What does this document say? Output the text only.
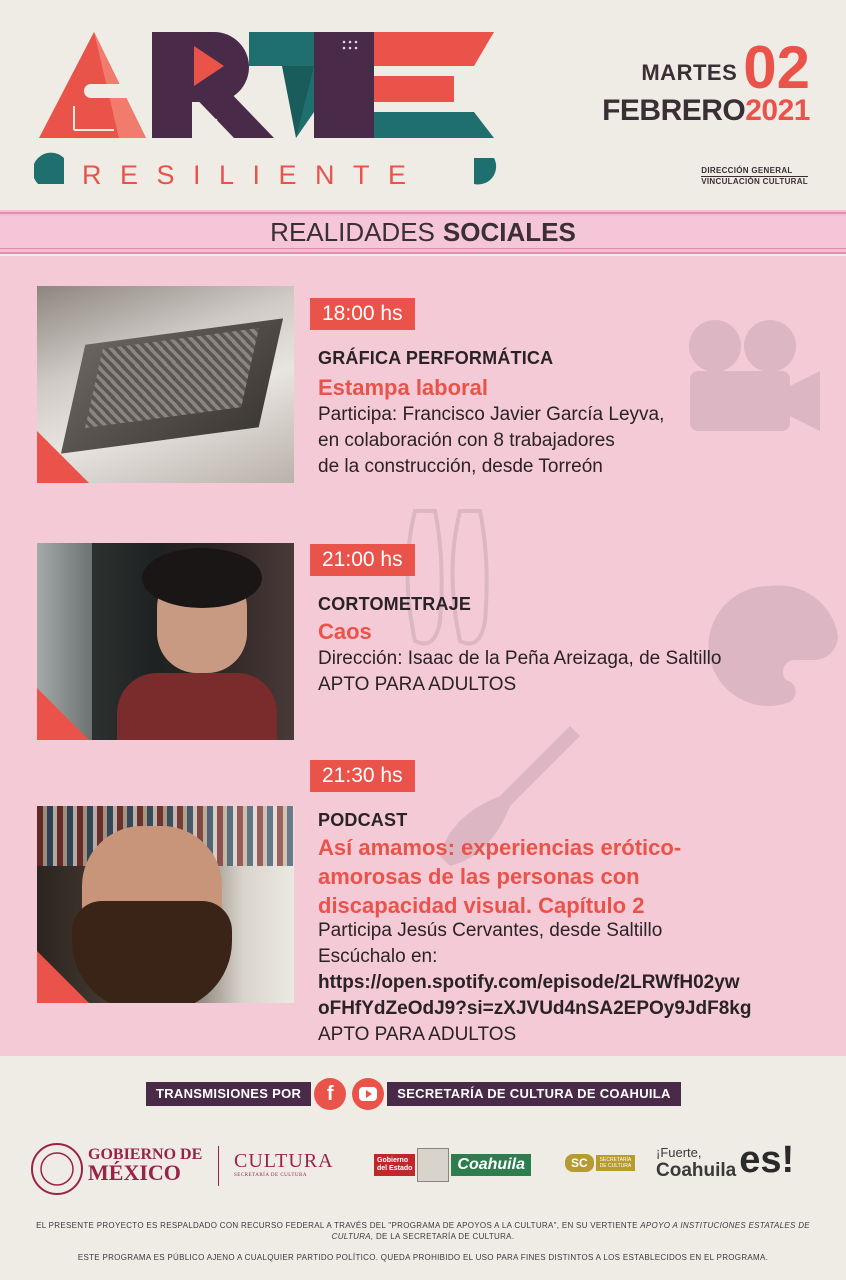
RESILIENTE
MARTES 02
FEBRERO2021
DIRECCIÓN GENERAL
VINCULACIÓN CULTURAL
REALIDADES SOCIALES
18:00 hs
GRÁFICA PERFORMÁTICA
Estampa laboral
Participa: Francisco Javier García Leyva,
en colaboración con 8 trabajadores
de la construcción, desde Torreón
21:00 hs
CORTOMETRAJE
Caos
Dirección: Isaac de la Peña Areizaga, de Saltillo
APTO PARA ADULTOS
21:30 hs
PODCAST
Así amamos: experiencias erótico-
amorosas de las personas con
discapacidad visual. Capítulo 2
Participa Jesús Cervantes, desde Saltillo
Escúchalo en:
https://open.spotify.com/episode/2LRWfH02yw
oFHfYdZeOdJ9?si=zXJVUd4nSA2EPOy9JdF8kg
APTO PARA ADULTOS
TRANSMISIONES POR	f	SECRETARÍA DE CULTURA DE COAHUILA
GOBIERNO DE
MÉXICO	CULTURA
SECRETARÍA DE CULTURA
Gobierno
del Estado	Coahuila	SC	SECRETARÍA
DE CULTURA
¡Fuerte,
Coahuila es!
EL PRESENTE PROYECTO ES RESPALDADO CON RECURSO FEDERAL A TRAVÉS DEL "PROGRAMA DE APOYOS A LA CULTURA", EN SU VERTIENTE APOYO A INSTITUCIONES ESTATALES DE CULTURA, DE LA SECRETARÍA DE CULTURA.
ESTE PROGRAMA ES PÚBLICO AJENO A CUALQUIER PARTIDO POLÍTICO. QUEDA PROHIBIDO EL USO PARA FINES DISTINTOS A LOS ESTABLECIDOS EN EL PROGRAMA.
